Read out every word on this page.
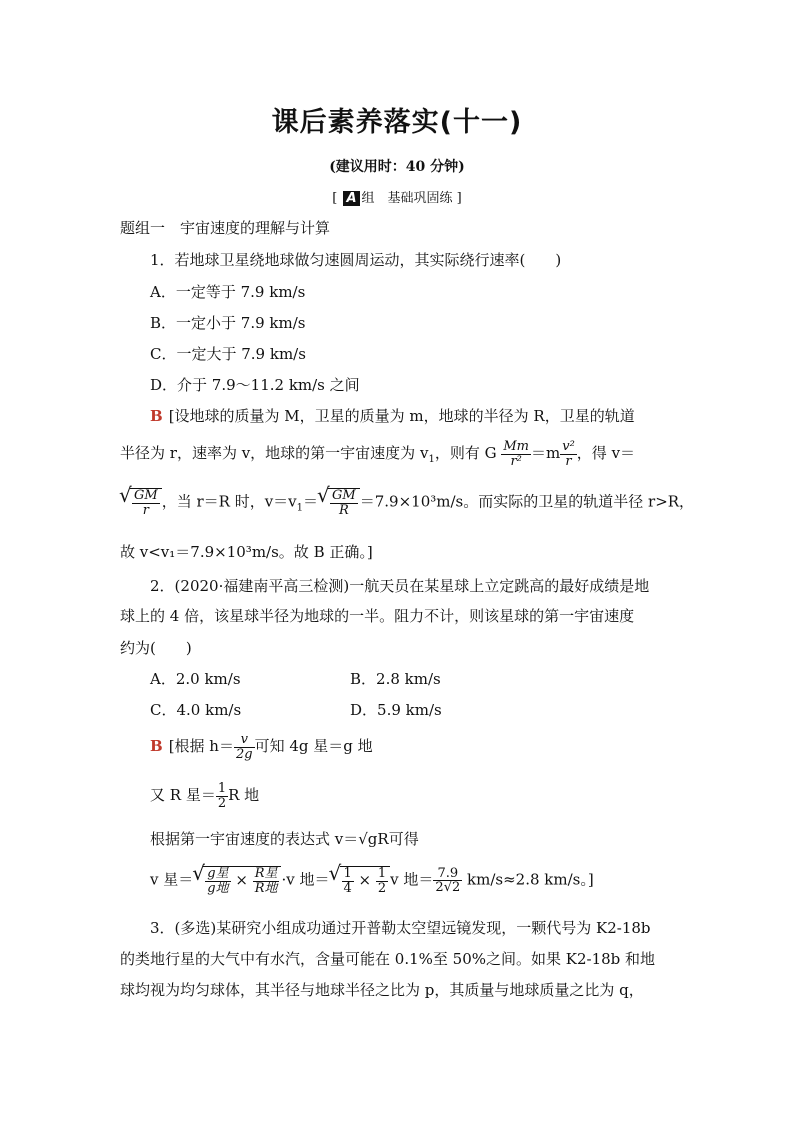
课后素养落实(十一)
(建议用时：40 分钟)
[ A 组　基础巩固练 ]
题组一　宇宙速度的理解与计算
1．若地球卫星绕地球做匀速圆周运动，其实际绕行速率(　　)
A．一定等于 7.9 km/s
B．一定小于 7.9 km/s
C．一定大于 7.9 km/s
D．介于 7.9～11.2 km/s 之间
B [设地球的质量为 M，卫星的质量为 m，地球的半径为 R，卫星的轨道
半径为 r，速率为 v，地球的第一宇宙速度为 $v_1$，则有 G $\frac{Mm}{\text{r²}} =m \frac{\text{v²}}{r}$ ，得 v＝
√ $\frac{GM}{r}$ ，当 r＝R 时，$v=v_1=$ √ $\frac{GM}{R} =7.9\times 10^3m/s$。而实际的卫星的轨道半径 r>R，
故 v<v₁＝7.9×10³m/s。故 B 正确。]
2．(2020·福建南平高三检测)一航天员在某星球上立定跳高的最好成绩是地
球上的 4 倍，该星球半径为地球的一半。阻力不计，则该星球的第一宇宙速度
约为(　　)
A．2.0 km/s	B．2.8 km/s
C．4.0 km/s	D．5.9 km/s
B [根据 $h= \frac{v}{2g}$ 可知 4g 星＝g 地
又 R 星＝ $\frac{1}{2}$ R 地
根据第一宇宙速度的表达式 v＝√gR可得
v 星＝ √ $\frac{\text{g星}}{\text{g地}} \times \frac{\text{R星}}{\text{R地}} \cdot v$ 地＝ √ $\frac{1}{4} \times \frac{1}{2}$ v 地＝ $\frac{7.9}{2√2} km/s\approx 2.8$ km/s。]
3．(多选)某研究小组成功通过开普勒太空望远镜发现，一颗代号为 K2-18b
的类地行星的大气中有水汽，含量可能在 0.1%至 50%之间。如果 K2-18b 和地
球均视为均匀球体，其半径与地球半径之比为 p，其质量与地球质量之比为 q，
